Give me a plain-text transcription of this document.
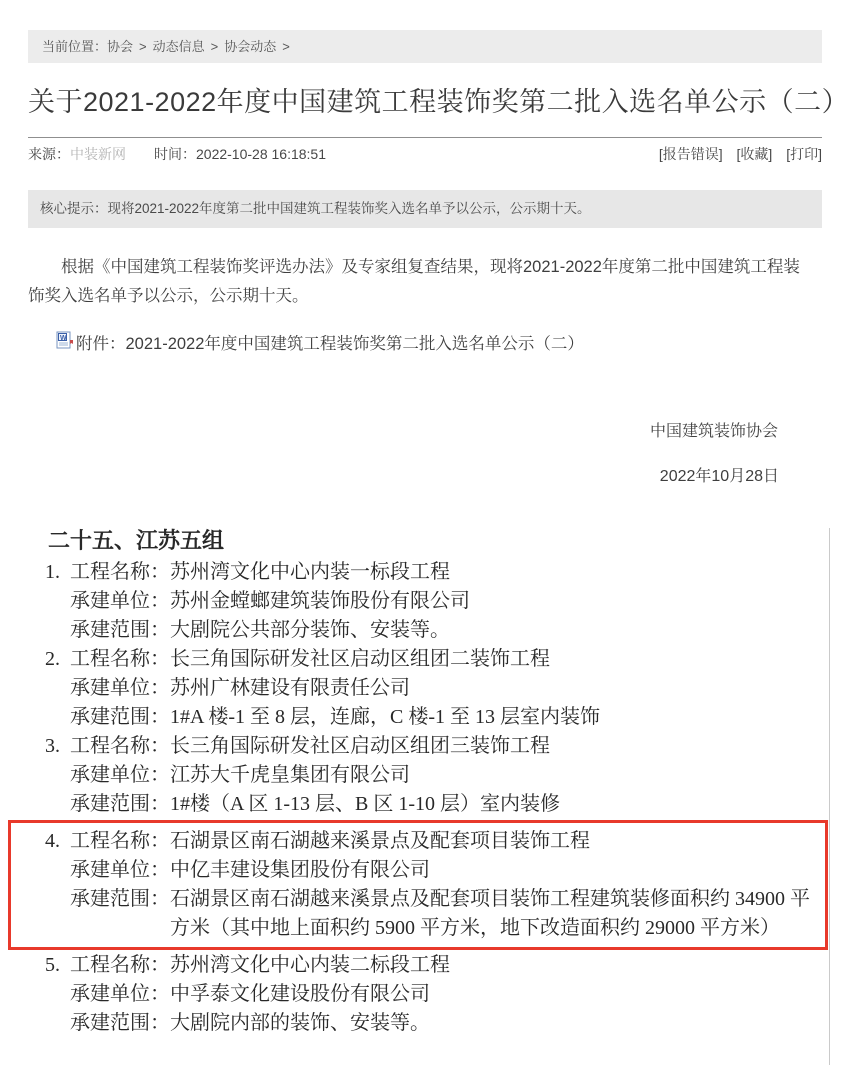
当前位置：协会 > 动态信息 > 协会动态 >
关于2021-2022年度中国建筑工程装饰奖第二批入选名单公示（二）
来源：中装新网 时间：2022-10-28 16:18:51	[报告错误] [收藏] [打印]
核心提示：现将2021-2022年度第二批中国建筑工程装饰奖入选名单予以公示，公示期十天。

根据《中国建筑工程装饰奖评选办法》及专家组复查结果，现将2021-2022年度第二批中国建筑工程装饰奖入选名单予以公示，公示期十天。

W 附件： 2021-2022年度中国建筑工程装饰奖第二批入选名单公示（二）
中国建筑装饰协会
2022年10月28日
二十五、江苏五组
1. 工程名称：苏州湾文化中心内装一标段工程
承建单位：苏州金螳螂建筑装饰股份有限公司
承建范围：大剧院公共部分装饰、安装等。
2. 工程名称：长三角国际研发社区启动区组团二装饰工程
承建单位：苏州广林建设有限责任公司
承建范围：1#A 楼-1 至 8 层，连廊，C 楼-1 至 13 层室内装饰
3. 工程名称：长三角国际研发社区启动区组团三装饰工程
承建单位：江苏大千虎皇集团有限公司
承建范围：1#楼（A 区 1-13 层、B 区 1-10 层）室内装修
4. 工程名称：石湖景区南石湖越来溪景点及配套项目装饰工程
承建单位：中亿丰建设集团股份有限公司
承建范围：石湖景区南石湖越来溪景点及配套项目装饰工程建筑装修面积约 34900 平方米（其中地上面积约 5900 平方米，地下改造面积约 29000 平方米）
5. 工程名称：苏州湾文化中心内装二标段工程
承建单位：中孚泰文化建设股份有限公司
承建范围：大剧院内部的装饰、安装等。
